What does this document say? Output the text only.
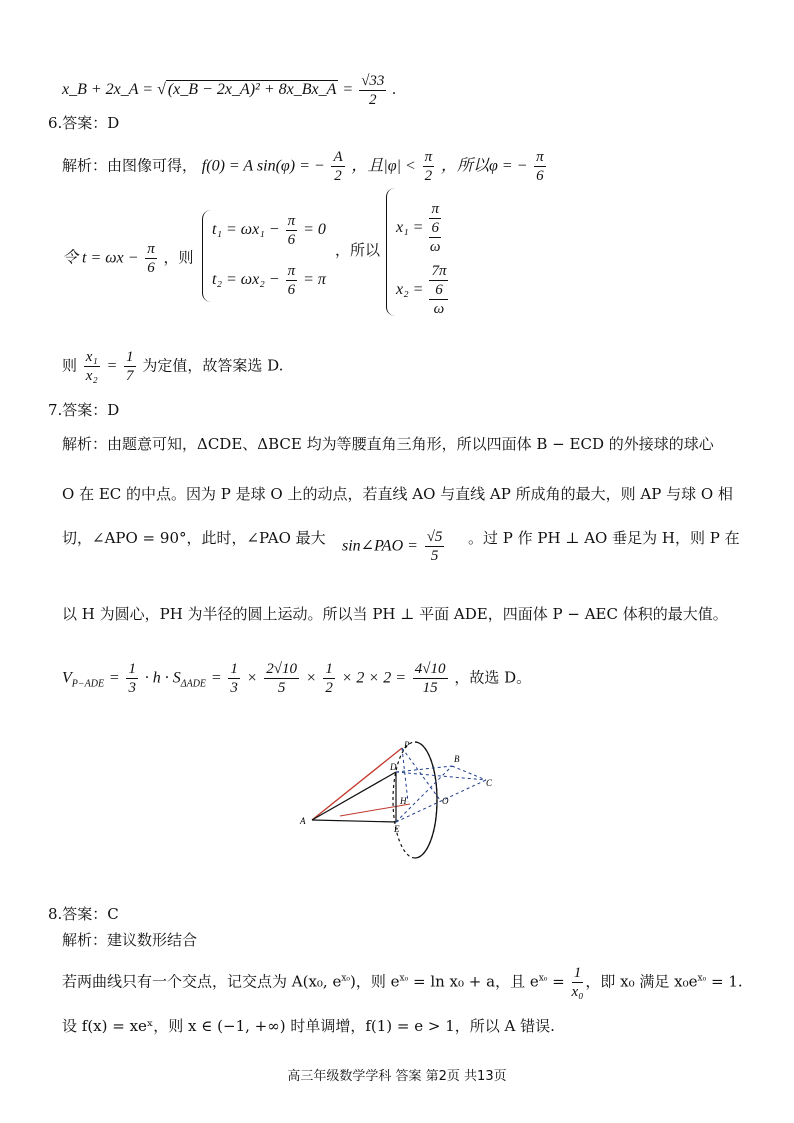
x_B + 2x_A = √ (x_B − 2x_A)² + 8x_Bx_A = $\frac{√33}{2}$ .
6.答案：D
解析：由图像可得， f(0) = A sin(φ) = − $\frac{A}{2}$ ，且$|\varphi| < \frac{\pi}{2}$ ，所以φ = − $\frac{\pi}{6}$
令 $t = \omega x - \frac{\pi}{6}$ ，则
$t_1 = \omega x_1 - \frac{\pi}{6} = 0$
$t_2 = \omega x_2 - \frac{\pi}{6} = \pi$
，所以
x₁ = π
6
ω
x₂ = 7π
6
ω
则 $\frac{\text{x₁}}{\text{x₂}} = \frac{1}{7}$ 为定值，故答案选 D.
7.答案：D
解析：由题意可知，ΔCDE、ΔBCE 均为等腰直角三角形，所以四面体 B − ECD 的外接球的球心
O 在 EC 的中点。因为 P 是球 O 上的动点，若直线 AO 与直线 AP 所成角的最大，则 AP 与球 O 相
切，∠APO = 90°，此时，∠PAO 最大 sin∠PAO = $\frac{√5}{5}$ 。过 P 作 PH ⊥ AO 垂足为 H，则 P 在
以 H 为圆心，PH 为半径的圆上运动。所以当 PH ⊥ 平面 ADE，四面体 P − AEC 体积的最大值。
$V_{P-ADE} = \frac{1}{3} \cdot h \cdot S_{\Delta ADE} = \frac{1}{3} \times \frac{2√10}{5} \times \frac{1}{2} \times 2 \times 2 = \frac{4√10}{15}$ ，故选 D。
A
B
C
D
E
H	O
P
8.答案：C
解析：建议数形结合
若两曲线只有一个交点，记交点为 A(x₀, $e^{x_0}$)，则 $e^{x_0} = \ln x_0 + a$，且 $e^{x_0} = \frac{1}{\text{x₀}}$ ，即 x₀ 满足 $x_0e^{x_0} = 1$.
设 f(x) = xeˣ，则 x ∈ (−1, +∞) 时单调增，f(1) = e > 1，所以 A 错误.
高三年级数学学科 答案 第2页 共13页
